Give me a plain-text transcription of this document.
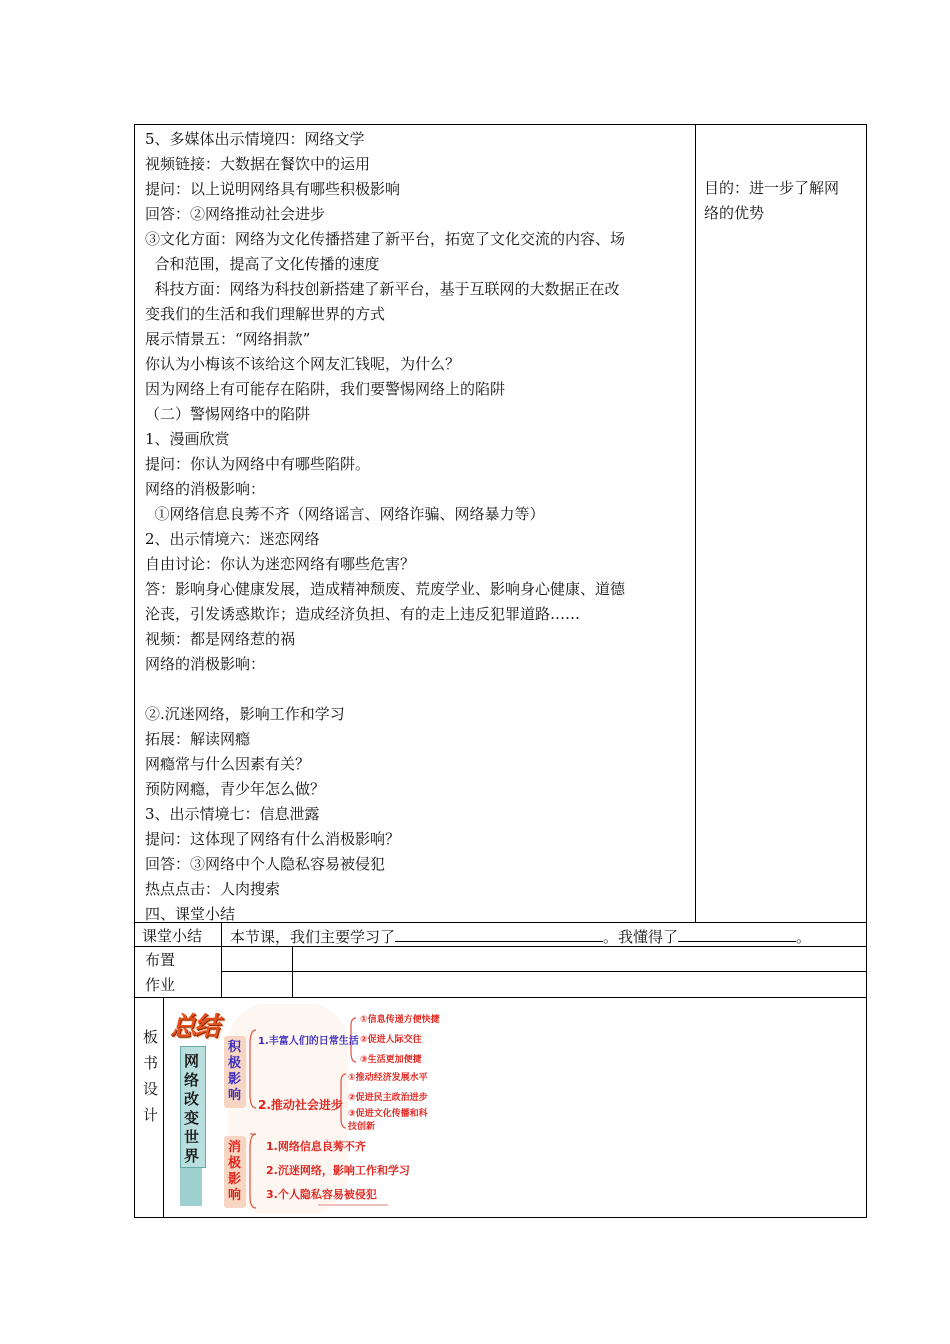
5、多媒体出示情境四：网络文学
视频链接：大数据在餐饮中的运用
提问：以上说明网络具有哪些积极影响
回答：②网络推动社会进步
③文化方面：网络为文化传播搭建了新平台，拓宽了文化交流的内容、场
合和范围，提高了文化传播的速度
科技方面：网络为科技创新搭建了新平台，基于互联网的大数据正在改
变我们的生活和我们理解世界的方式
展示情景五：“网络捐款”
你认为小梅该不该给这个网友汇钱呢，为什么？
因为网络上有可能存在陷阱，我们要警惕网络上的陷阱
（二）警惕网络中的陷阱
1、漫画欣赏
提问：你认为网络中有哪些陷阱。
网络的消极影响：
①网络信息良莠不齐（网络谣言、网络诈骗、网络暴力等）
2、出示情境六：迷恋网络
自由讨论：你认为迷恋网络有哪些危害？
答：影响身心健康发展，造成精神颓废、荒废学业、影响身心健康、道德
沦丧，引发诱惑欺诈；造成经济负担、有的走上违反犯罪道路……
视频：都是网络惹的祸
网络的消极影响：
②.沉迷网络，影响工作和学习
拓展：解读网瘾
网瘾常与什么因素有关？
预防网瘾，青少年怎么做？
3、出示情境七：信息泄露
提问：这体现了网络有什么消极影响？
回答：③网络中个人隐私容易被侵犯
热点点击：人肉搜索
四、课堂小结
目的：进一步了解网
络的优势
课堂小结 本节课，我们主要学习了	。我懂得了	。
布置
作业
板
书
设
计
总结
网络改变世界
积极影响
消极影响
1.丰富人们的日常生活
①信息传递方便快捷
②促进人际交往
③生活更加便捷
2.推动社会进步
①推动经济发展水平
②促进民主政治进步
③促进文化传播和科技创新
1.网络信息良莠不齐
2.沉迷网络，影响工作和学习
3.个人隐私容易被侵犯
